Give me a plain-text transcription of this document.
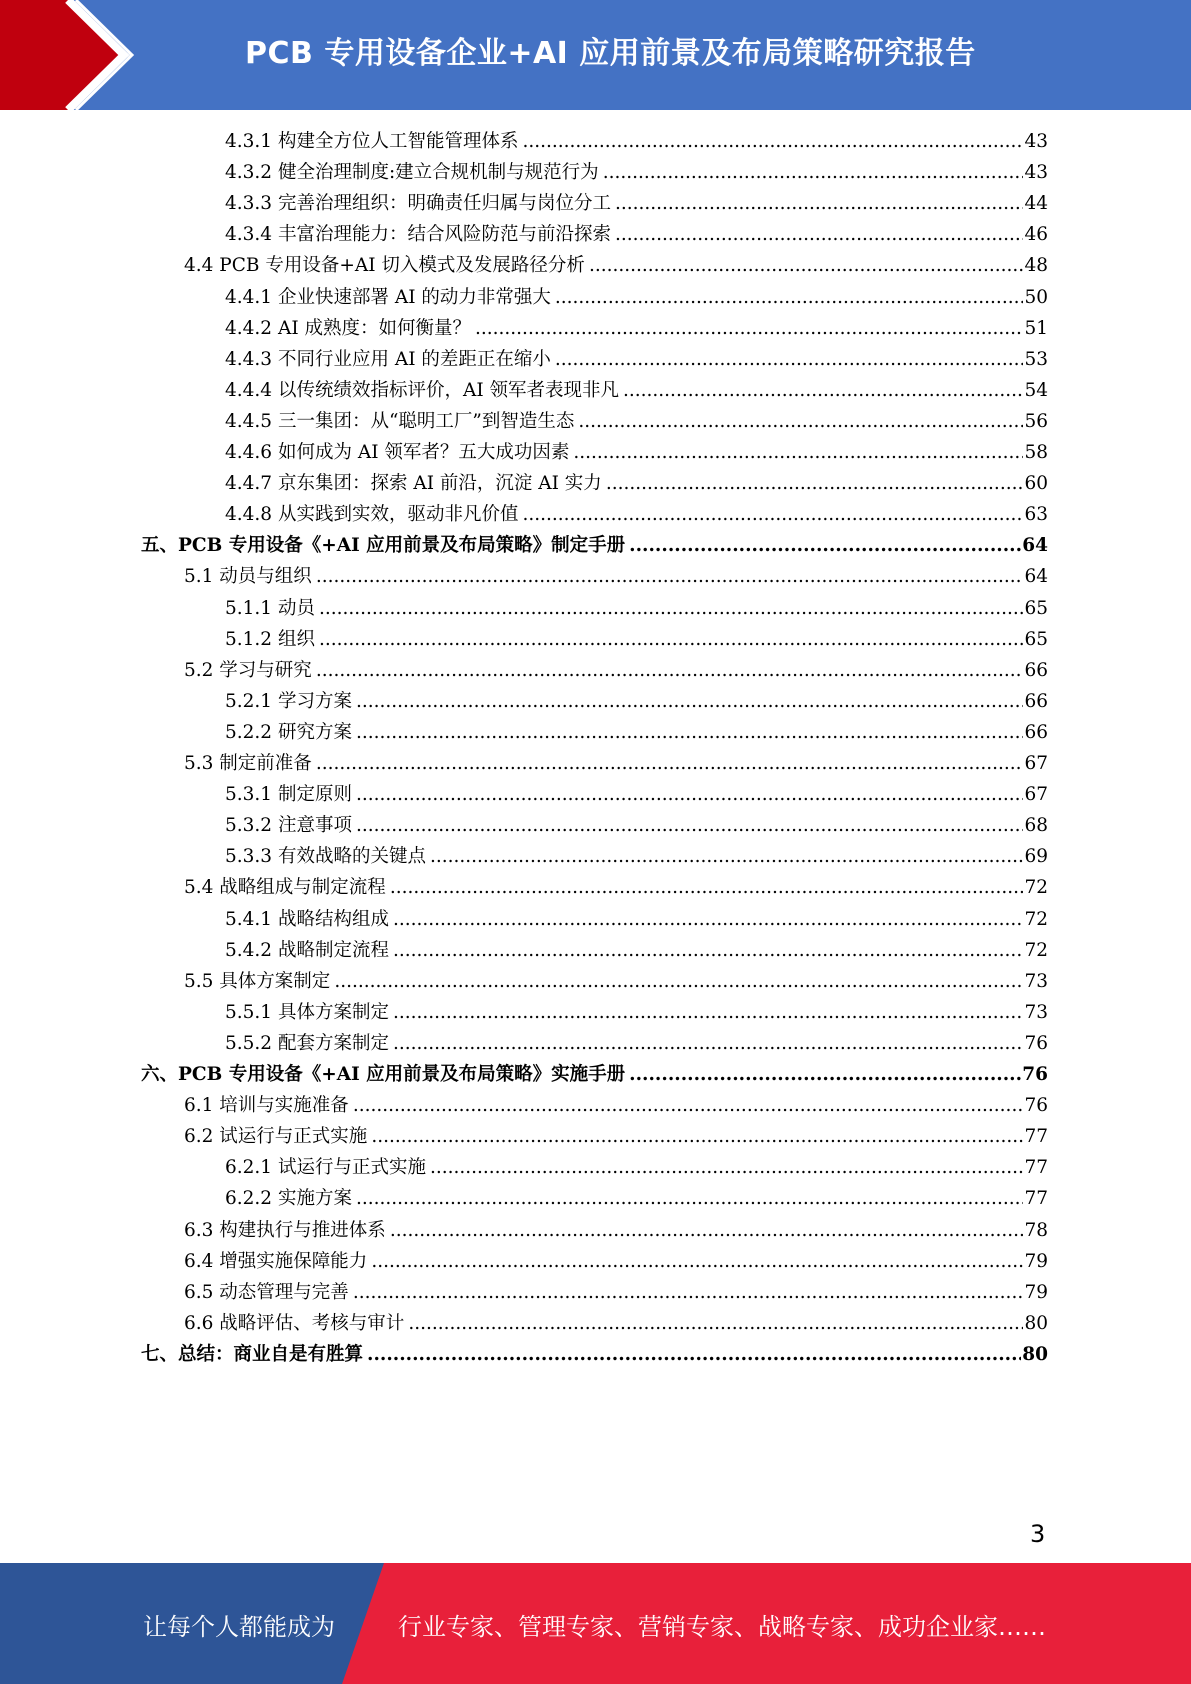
PCB 专用设备企业+AI 应用前景及布局策略研究报告
4.3.1 构建全方位人工智能管理体系 .....	43
4.3.2 健全治理制度:建立合规机制与规范行为 .....	43
4.3.3 完善治理组织：明确责任归属与岗位分工 .....	44
4.3.4 丰富治理能力：结合风险防范与前沿探索 .....	46
4.4 PCB 专用设备+AI 切入模式及发展路径分析 .....	48
4.4.1 企业快速部署 AI 的动力非常强大 .....	50
4.4.2 AI 成熟度：如何衡量？ .....	51
4.4.3 不同行业应用 AI 的差距正在缩小 .....	53
4.4.4 以传统绩效指标评价，AI 领军者表现非凡 .....	54
4.4.5 三一集团：从“聪明工厂”到智造生态 .....	56
4.4.6 如何成为 AI 领军者？五大成功因素 .....	58
4.4.7 京东集团：探索 AI 前沿，沉淀 AI 实力 .....	60
4.4.8 从实践到实效，驱动非凡价值 .....	63
五、PCB 专用设备《+AI 应用前景及布局策略》制定手册 .....	64
5.1 动员与组织 .....	64
5.1.1 动员 .....	65
5.1.2 组织 .....	65
5.2 学习与研究 .....	66
5.2.1 学习方案 .....	66
5.2.2 研究方案 .....	66
5.3 制定前准备 .....	67
5.3.1 制定原则 .....	67
5.3.2 注意事项 .....	68
5.3.3 有效战略的关键点 .....	69
5.4 战略组成与制定流程 .....	72
5.4.1 战略结构组成 .....	72
5.4.2 战略制定流程 .....	72
5.5 具体方案制定 .....	73
5.5.1 具体方案制定 .....	73
5.5.2 配套方案制定 .....	76
六、PCB 专用设备《+AI 应用前景及布局策略》实施手册 .....	76
6.1 培训与实施准备 .....	76
6.2 试运行与正式实施 .....	77
6.2.1 试运行与正式实施 .....	77
6.2.2 实施方案 .....	77
6.3 构建执行与推进体系 .....	78
6.4 增强实施保障能力 .....	79
6.5 动态管理与完善 .....	79
6.6 战略评估、考核与审计 .....	80
七、总结：商业自是有胜算 .....	80
3
让每个人都能成为	行业专家、管理专家、营销专家、战略专家、成功企业家……
